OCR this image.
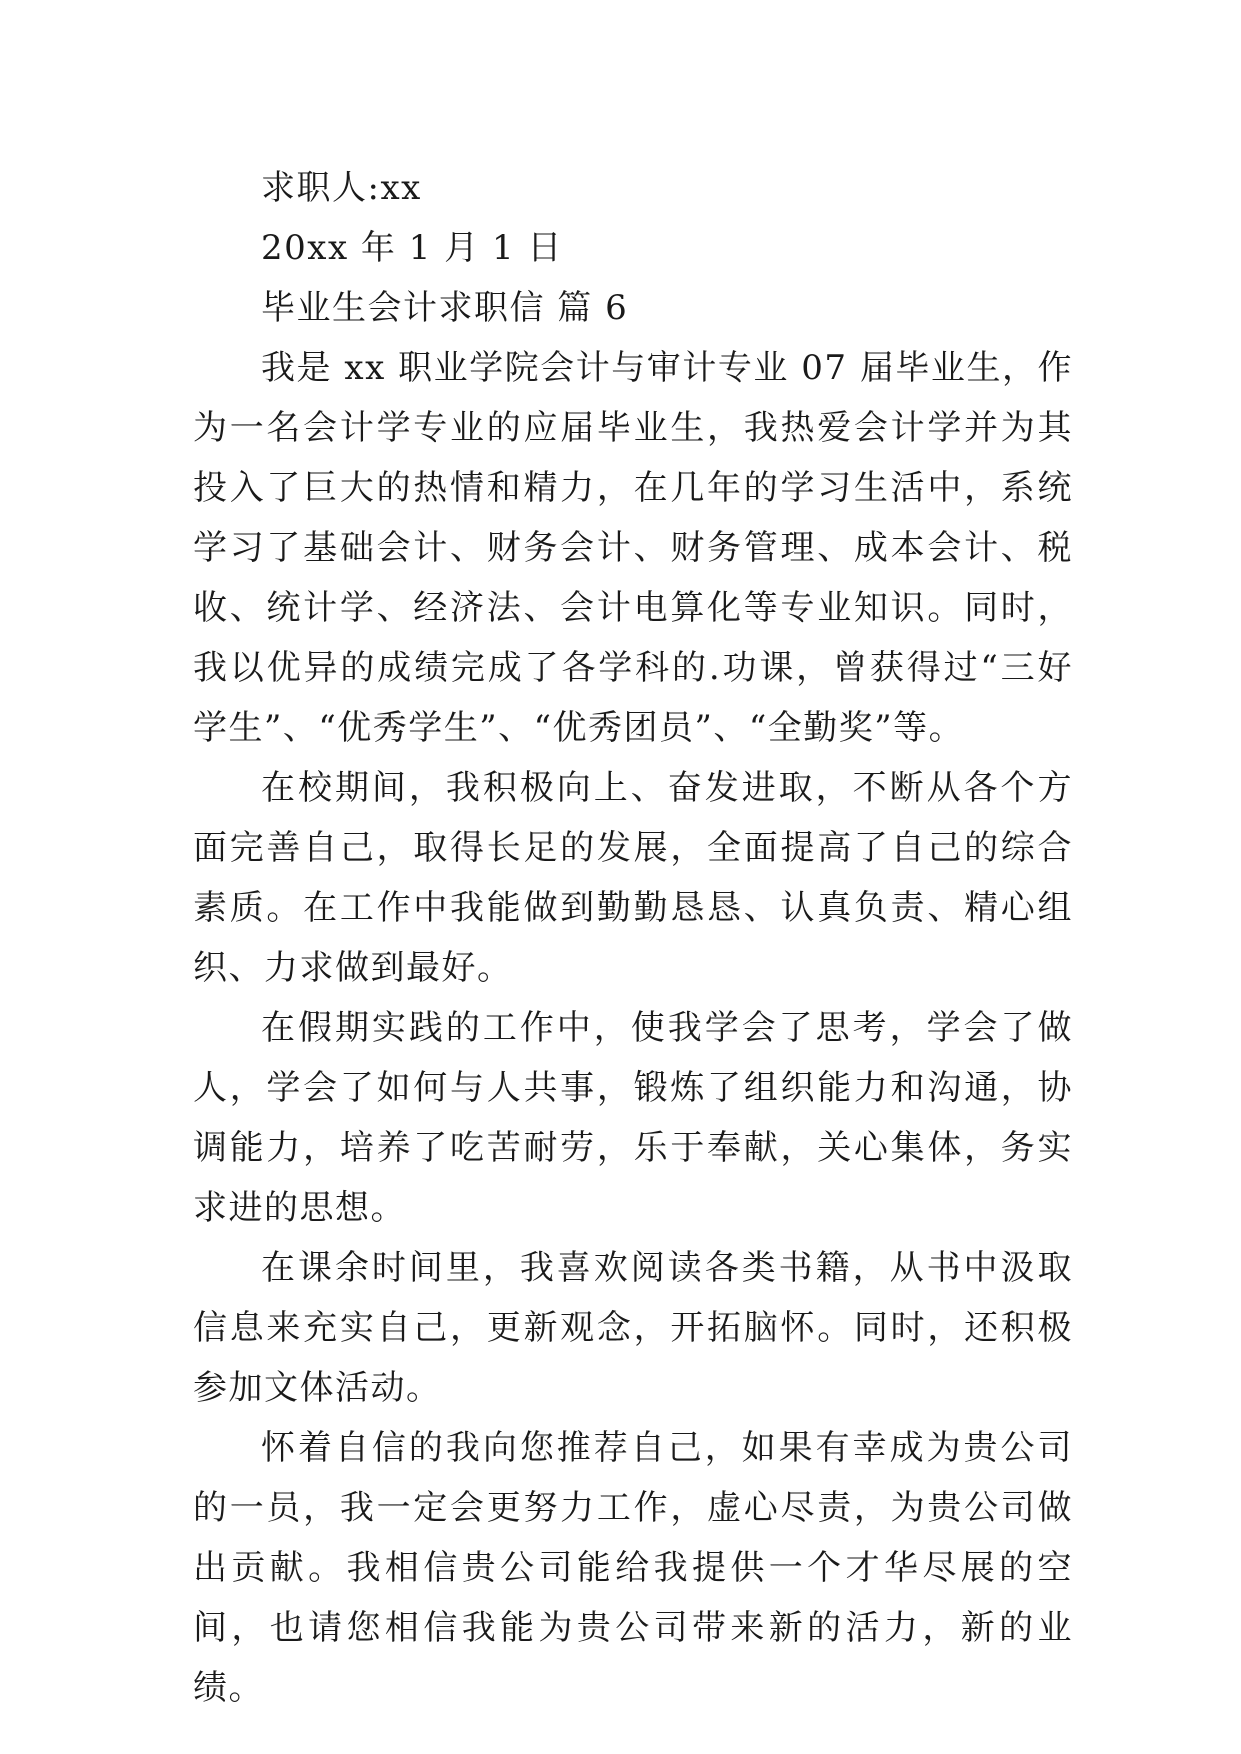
求职人:xx

20xx 年 1 月 1 日

毕业生会计求职信 篇 6

我是 xx 职业学院会计与审计专业 07 届毕业生，作为一名会计学专业的应届毕业生，我热爱会计学并为其投入了巨大的热情和精力，在几年的学习生活中，系统学习了基础会计、财务会计、财务管理、成本会计、税收、统计学、经济法、会计电算化等专业知识。同时，我以优异的成绩完成了各学科的.功课，曾获得过“三好学生”、“优秀学生”、“优秀团员”、“全勤奖”等。

在校期间，我积极向上、奋发进取，不断从各个方面完善自己，取得长足的发展，全面提高了自己的综合素质。在工作中我能做到勤勤恳恳、认真负责、精心组织、力求做到最好。

在假期实践的工作中，使我学会了思考，学会了做人，学会了如何与人共事，锻炼了组织能力和沟通，协调能力，培养了吃苦耐劳，乐于奉献，关心集体，务实求进的思想。

在课余时间里，我喜欢阅读各类书籍，从书中汲取信息来充实自己，更新观念，开拓脑怀。同时，还积极参加文体活动。

怀着自信的我向您推荐自己，如果有幸成为贵公司的一员，我一定会更努力工作，虚心尽责，为贵公司做出贡献。我相信贵公司能给我提供一个才华尽展的空间，也请您相信我能为贵公司带来新的活力，新的业绩。
